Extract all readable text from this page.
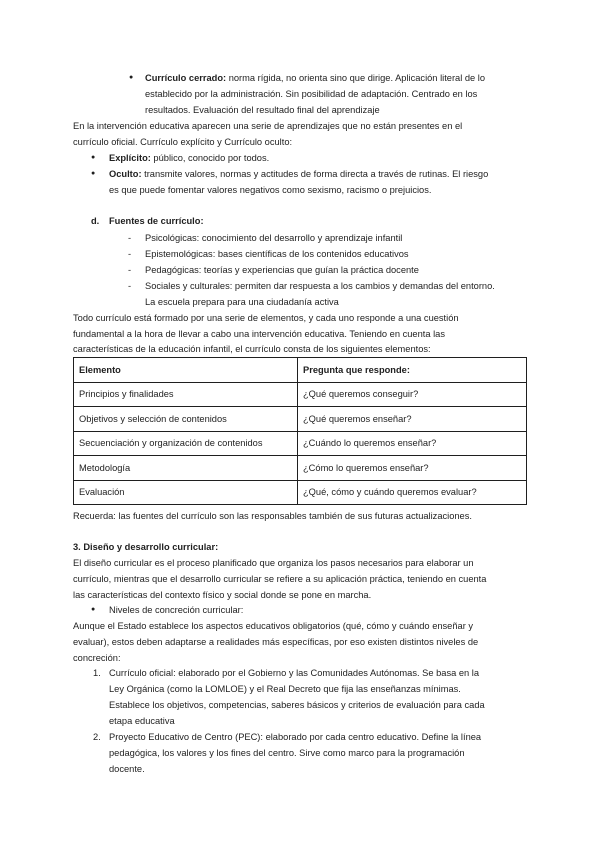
● Currículo cerrado: norma rígida, no orienta sino que dirige. Aplicación literal de lo
establecido por la administración. Sin posibilidad de adaptación. Centrado en los
resultados. Evaluación del resultado final del aprendizaje
En la intervención educativa aparecen una serie de aprendizajes que no están presentes en el
currículo oficial. Currículo explícito y Currículo oculto:
● Explícito: público, conocido por todos.
● Oculto: transmite valores, normas y actitudes de forma directa a través de rutinas. El riesgo
es que puede fomentar valores negativos como sexismo, racismo o prejuicios.
d. Fuentes de currículo:
- Psicológicas: conocimiento del desarrollo y aprendizaje infantil
- Epistemológicas: bases científicas de los contenidos educativos
- Pedagógicas: teorías y experiencias que guían la práctica docente
- Sociales y culturales: permiten dar respuesta a los cambios y demandas del entorno.
La escuela prepara para una ciudadanía activa
Todo currículo está formado por una serie de elementos, y cada uno responde a una cuestión
fundamental a la hora de llevar a cabo una intervención educativa. Teniendo en cuenta las
características de la educación infantil, el currículo consta de los siguientes elementos:
Elemento	Pregunta que responde:
Principios y finalidades	¿Qué queremos conseguir?
Objetivos y selección de contenidos	¿Qué queremos enseñar?
Secuenciación y organización de contenidos	¿Cuándo lo queremos enseñar?
Metodología	¿Cómo lo queremos enseñar?
Evaluación	¿Qué, cómo y cuándo queremos evaluar?
Recuerda: las fuentes del currículo son las responsables también de sus futuras actualizaciones.
3. Diseño y desarrollo curricular:
El diseño curricular es el proceso planificado que organiza los pasos necesarios para elaborar un
currículo, mientras que el desarrollo curricular se refiere a su aplicación práctica, teniendo en cuenta
las características del contexto físico y social donde se pone en marcha.
● Niveles de concreción curricular:
Aunque el Estado establece los aspectos educativos obligatorios (qué, cómo y cuándo enseñar y
evaluar), estos deben adaptarse a realidades más específicas, por eso existen distintos niveles de
concreción:
1. Currículo oficial: elaborado por el Gobierno y las Comunidades Autónomas. Se basa en la
Ley Orgánica (como la LOMLOE) y el Real Decreto que fija las enseñanzas mínimas.
Establece los objetivos, competencias, saberes básicos y criterios de evaluación para cada
etapa educativa
2. Proyecto Educativo de Centro (PEC): elaborado por cada centro educativo. Define la línea
pedagógica, los valores y los fines del centro. Sirve como marco para la programación
docente.
